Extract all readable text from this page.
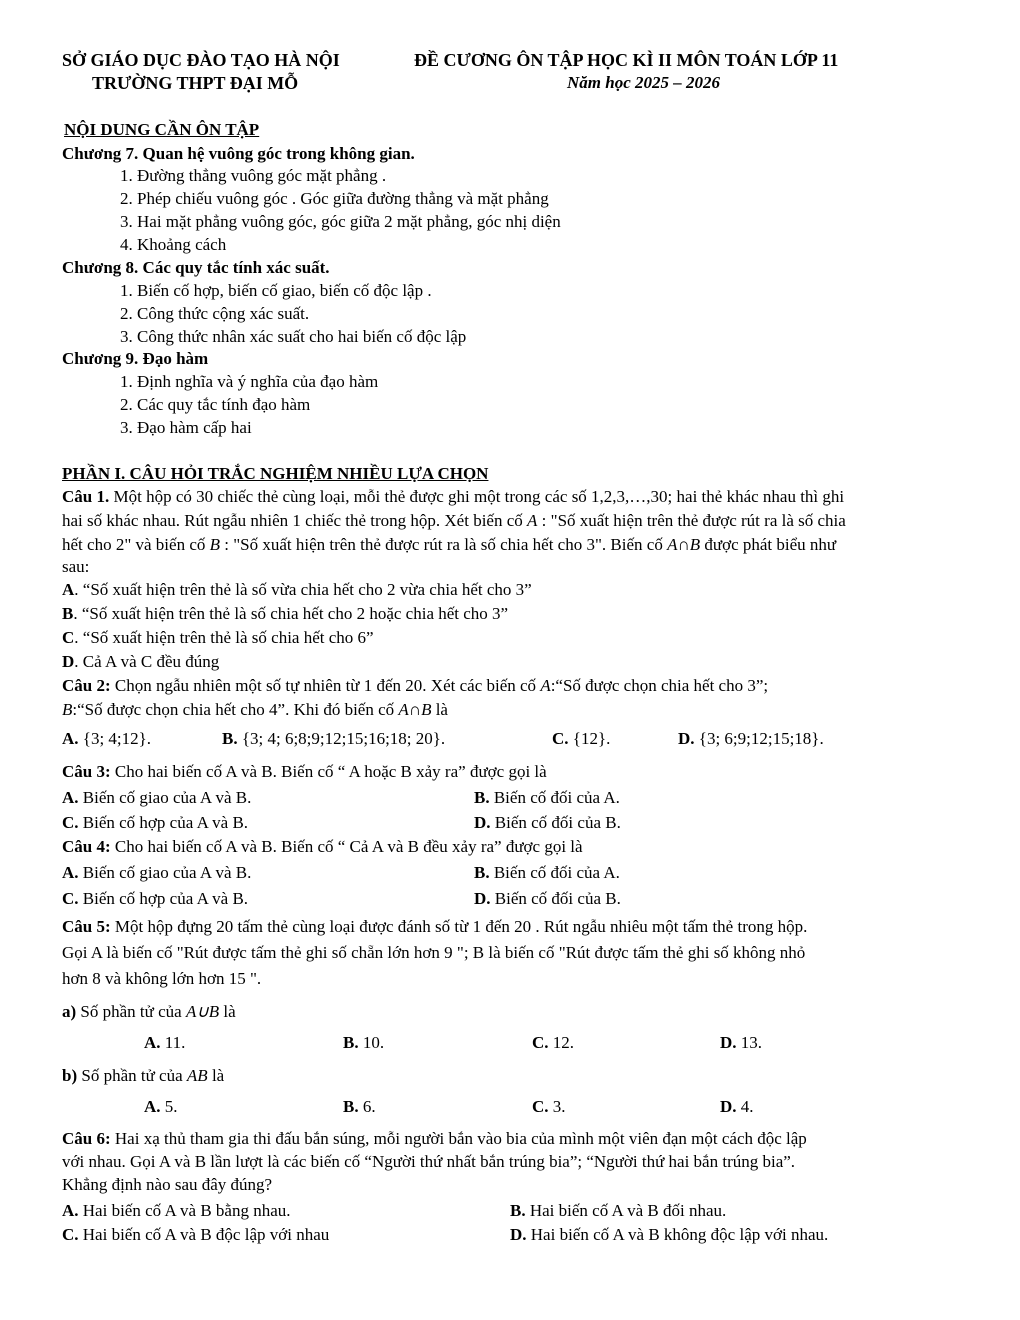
SỞ GIÁO DỤC ĐÀO TẠO HÀ NỘI
TRƯỜNG THPT ĐẠI MỖ
ĐỀ CƯƠNG ÔN TẬP HỌC KÌ II MÔN TOÁN LỚP 11
Năm học 2025 – 2026
NỘI DUNG CẦN ÔN TẬP
Chương 7. Quan hệ vuông góc trong không gian.
1. Đường thẳng vuông góc mặt phẳng .
2. Phép chiếu vuông góc . Góc giữa đường thẳng và mặt phẳng
3. Hai mặt phẳng vuông góc, góc giữa 2 mặt phẳng, góc nhị diện
4. Khoảng cách
Chương 8. Các quy tắc tính xác suất.
1. Biến cố hợp, biến cố giao, biến cố độc lập .
2. Công thức cộng xác suất.
3. Công thức nhân xác suất cho hai biến cố độc lập
Chương 9. Đạo hàm
1. Định nghĩa và ý nghĩa của đạo hàm
2. Các quy tắc tính đạo hàm
3. Đạo hàm cấp hai
PHẦN I. CÂU HỎI TRẮC NGHIỆM NHIỀU LỰA CHỌN
Câu 1. Một hộp có 30 chiếc thẻ cùng loại, mỗi thẻ được ghi một trong các số 1,2,3,…,30; hai thẻ khác nhau thì ghi
hai số khác nhau. Rút ngẫu nhiên 1 chiếc thẻ trong hộp. Xét biến cố A : "Số xuất hiện trên thẻ được rút ra là số chia
hết cho 2" và biến cố B : "Số xuất hiện trên thẻ được rút ra là số chia hết cho 3". Biến cố A∩B được phát biểu như
sau:
A. “Số xuất hiện trên thẻ là số vừa chia hết cho 2 vừa chia hết cho 3”
B. “Số xuất hiện trên thẻ là số chia hết cho 2 hoặc chia hết cho 3”
C. “Số xuất hiện trên thẻ là số chia hết cho 6”
D. Cả A và C đều đúng
Câu 2: Chọn ngẫu nhiên một số tự nhiên từ 1 đến 20. Xét các biến cố A:“Số được chọn chia hết cho 3”;
B:“Số được chọn chia hết cho 4”. Khi đó biến cố A∩B là
A. {3; 4;12}.	B. {3; 4; 6;8;9;12;15;16;18; 20}.	C. {12}.	D. {3; 6;9;12;15;18}.
Câu 3: Cho hai biến cố A và B. Biến cố “ A hoặc B xảy ra” được gọi là
A. Biến cố giao của A và B.	B. Biến cố đối của A.
C. Biến cố hợp của A và B.	D. Biến cố đối của B.
Câu 4: Cho hai biến cố A và B. Biến cố “ Cả A và B đều xảy ra” được gọi là
A. Biến cố giao của A và B.	B. Biến cố đối của A.
C. Biến cố hợp của A và B.	D. Biến cố đối của B.
Câu 5: Một hộp đựng 20 tấm thẻ cùng loại được đánh số từ 1 đến 20 . Rút ngẫu nhiêu một tấm thẻ trong hộp.
Gọi A là biến cố "Rút được tấm thẻ ghi số chẵn lớn hơn 9 "; B là biến cố "Rút được tấm thẻ ghi số không nhỏ
hơn 8 và không lớn hơn 15 ".
a) Số phần tử của A∪B là
A. 11.	B. 10.	C. 12.	D. 13.
b) Số phần tử của AB là
A. 5.	B. 6.	C. 3.	D. 4.
Câu 6: Hai xạ thủ tham gia thi đấu bắn súng, mỗi người bắn vào bia của mình một viên đạn một cách độc lập
với nhau. Gọi A và B lần lượt là các biến cố “Người thứ nhất bắn trúng bia”; “Người thứ hai bắn trúng bia”.
Khẳng định nào sau đây đúng?
A. Hai biến cố A và B bằng nhau.	B. Hai biến cố A và B đối nhau.
C. Hai biến cố A và B độc lập với nhau	D. Hai biến cố A và B không độc lập với nhau.
